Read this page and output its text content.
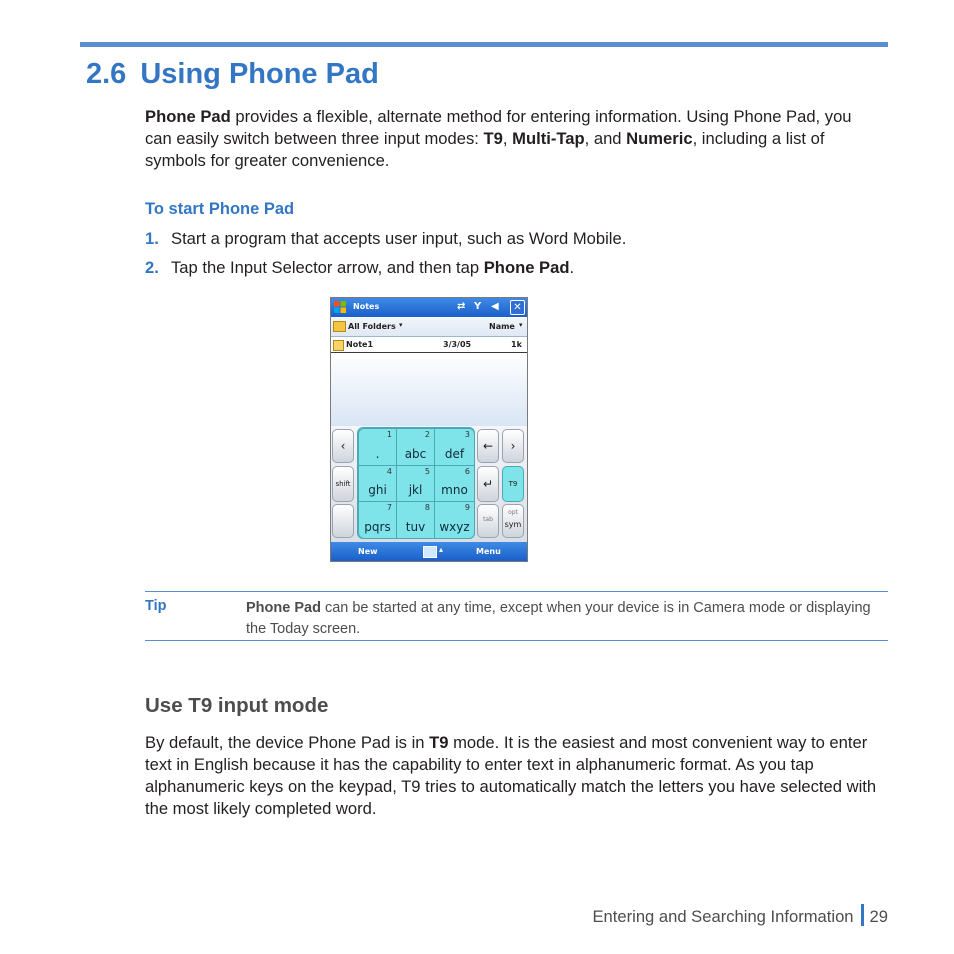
2.6 Using Phone Pad
Phone Pad provides a flexible, alternate method for entering information. Using Phone Pad, you can easily switch between three input modes: T9, Multi-Tap, and Numeric, including a list of symbols for greater convenience.
To start Phone Pad
1. Start a program that accepts user input, such as Word Mobile.
2. Tap the Input Selector arrow, and then tap Phone Pad.
Notes	⇄ Y ◀	✕
All Folders ▾	Name ▾
Note1	3/3/05	1k
‹
shift
1
.
2
abc
3
def
4
ghi
5
jkl
6
mno
7
pqrs
8
tuv
9
wxyz
←	›
↵	T9
tab
opt
sym
New	▴	Menu
Tip	Phone Pad can be started at any time, except when your device is in Camera mode or displaying the Today screen.
Use T9 input mode
By default, the device Phone Pad is in T9 mode. It is the easiest and most convenient way to enter text in English because it has the capability to enter text in alphanumeric format. As you tap alphanumeric keys on the keypad, T9 tries to automatically match the letters you have selected with the most likely completed word.
Entering and Searching Information 29
